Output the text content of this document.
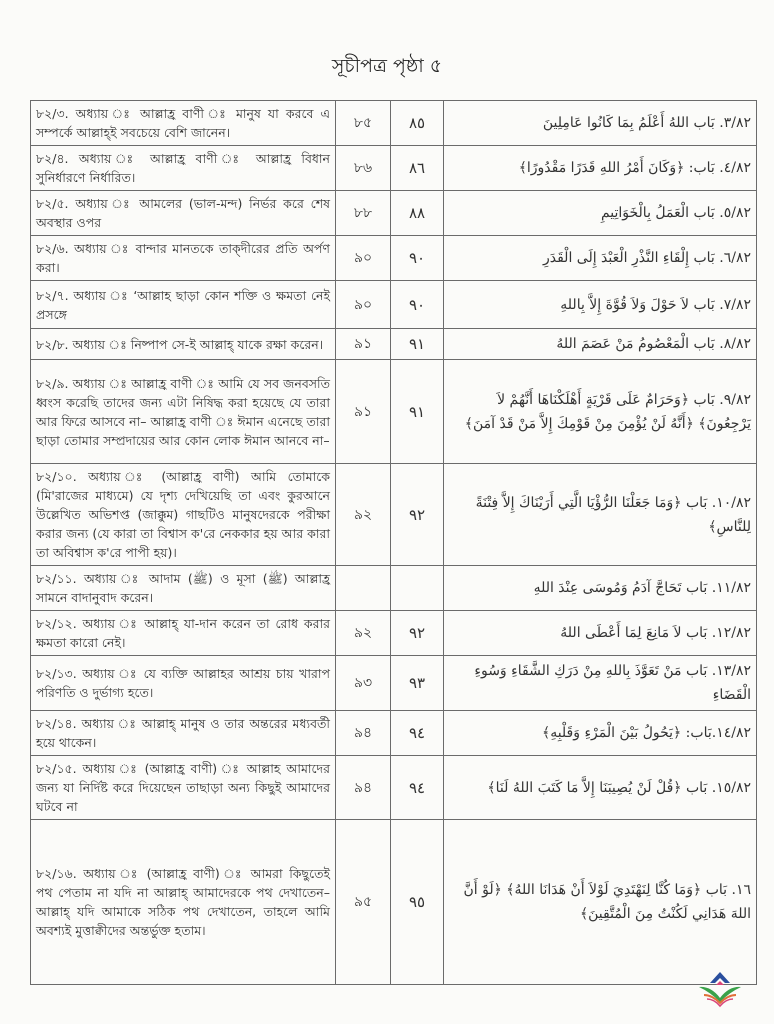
সূচীপত্র পৃষ্ঠা ৫
৮২/৩. অধ্যায় ঃ আল্লাহ্র বাণী ঃ মানুষ যা করবে এ সম্পর্কে আল্লাহ্ই সবচেয়ে বেশি জানেন।	৮৫	٨٥	٣/٨٢. بَاب اللهُ أَعْلَمُ بِمَا كَانُوا عَامِلِينَ
৮২/৪. অধ্যায় ঃ আল্লাহ্র বাণী ঃ আল্লাহ্র বিধান সুনির্ধারণে নির্ধারিত।	৮৬	٨٦	٤/٨٢. بَاب: ﴿وَكَانَ أَمْرُ اللهِ قَدَرًا مَقْدُورًا﴾
৮২/৫. অধ্যায় ঃ আমলের (ভাল-মন্দ) নির্ভর করে শেষ অবস্থার ওপর	৮৮	٨٨	٥/٨٢. بَاب الْعَمَلُ بِالْخَوَاتِيمِ
৮২/৬. অধ্যায় ঃ বান্দার মানতকে তাক্দীরের প্রতি অর্পণ করা।	৯০	٩٠	٦/٨٢. بَاب إِلْقَاءِ النَّذْرِ الْعَبْدَ إِلَى الْقَدَرِ
৮২/৭. অধ্যায় ঃ ‘আল্লাহ ছাড়া কোন শক্তি ও ক্ষমতা নেই প্রসঙ্গে	৯০	٩٠	٧/٨٢. بَاب لاَ حَوْلَ وَلاَ قُوَّةَ إِلاَّ بِاللهِ
৮২/৮. অধ্যায় ঃ নিষ্পাপ সে-ই আল্লাহ্ যাকে রক্ষা করেন।	৯১	٩١	٨/٨٢. بَاب الْمَعْصُومُ مَنْ عَصَمَ اللهُ
৮২/৯. অধ্যায় ঃ আল্লাহ্র বাণী ঃ আমি যে সব জনবসতি ধ্বংস করেছি তাদের জন্য এটা নিষিদ্ধ করা হয়েছে যে তারা আর ফিরে আসবে না– আল্লাহ্র বাণী ঃ ঈমান এনেছে তারা ছাড়া তোমার সম্প্রদায়ের আর কোন লোক ঈমান আনবে না–	৯১	٩١	٩/٨٢. بَاب ﴿وَحَرَامٌ عَلَى قَرْيَةٍ أَهْلَكْنَاهَا أَنَّهُمْ لاَ يَرْجِعُونَ﴾ ﴿أَنَّهُ لَنْ يُؤْمِنَ مِنْ قَوْمِكَ إِلاَّ مَنْ قَدْ آمَنَ﴾
৮২/১০. অধ্যায় ঃ (আল্লাহ্র বাণী) আমি তোমাকে (মি'রাজের মাধ্যমে) যে দৃশ্য দেখিয়েছি তা এবং কুরআনে উল্লেখিত অভিশপ্ত (জাক্কুম) গাছটিও মানুষদেরকে পরীক্ষা করার জন্য (যে কারা তা বিশ্বাস ক'রে নেককার হয় আর কারা তা অবিশ্বাস ক'রে পাপী হয়)।	৯২	٩٢	١٠/٨٢. بَاب ﴿وَمَا جَعَلْنَا الرُّؤْيَا الَّتِي أَرَيْنَاكَ إِلاَّ فِتْنَةً لِلنَّاسِ﴾
৮২/১১. অধ্যায় ঃ আদাম (ﷺ) ও মূসা (ﷺ) আল্লাহ্র সামনে বাদানুবাদ করেন।			١١/٨٢. بَاب تَحَاجَّ آدَمُ وَمُوسَى عِنْدَ اللهِ
৮২/১২. অধ্যায় ঃ আল্লাহ্ যা-দান করেন তা রোধ করার ক্ষমতা কারো নেই।	৯২	٩٢	١٢/٨٢. بَاب لاَ مَانِعَ لِمَا أَعْطَى اللهُ
৮২/১৩. অধ্যায় ঃ যে ব্যক্তি আল্লাহর আশ্রয় চায় খারাপ পরিণতি ও দুর্ভাগ্য হতে।	৯৩	٩٣	١٣/٨٢. بَاب مَنْ تَعَوَّذَ بِاللهِ مِنْ دَرَكِ الشَّقَاءِ وَسُوءِ الْقَضَاءِ
৮২/১৪. অধ্যায় ঃ আল্লাহ্ মানুষ ও তার অন্তরের মধ্যবর্তী হয়ে থাকেন।	৯৪	٩٤	١٤/٨٢.بَاب: ﴿يَحُولُ بَيْنَ الْمَرْءِ وَقَلْبِهِ﴾
৮২/১৫. অধ্যায় ঃ (আল্লাহ্র বাণী) ঃ আল্লাহ আমাদের জন্য যা নির্দিষ্ট করে দিয়েছেন তাছাড়া অন্য কিছুই আমাদের ঘটবে না	৯৪	٩٤	١٥/٨٢. بَاب ﴿قُلْ لَنْ يُصِيبَنَا إِلاَّ مَا كَتَبَ اللهُ لَنَا﴾
৮২/১৬. অধ্যায় ঃ (আল্লাহ্র বাণী) ঃ আমরা কিছুতেই পথ পেতাম না যদি না আল্লাহ্ আমাদেরকে পথ দেখাতেন– আল্লাহ্ যদি আমাকে সঠিক পথ দেখাতেন, তাহলে আমি অবশ্যই মুত্তাক্বীদের অন্তর্ভুক্ত হতাম।	৯৫	٩٥	١٦. بَاب ﴿وَمَا كُنَّا لِنَهْتَدِيَ لَوْلاَ أَنْ هَدَانَا اللهُ﴾ ﴿لَوْ أَنَّ اللهَ هَدَانِي لَكُنْتُ مِنَ الْمُتَّقِينَ﴾
